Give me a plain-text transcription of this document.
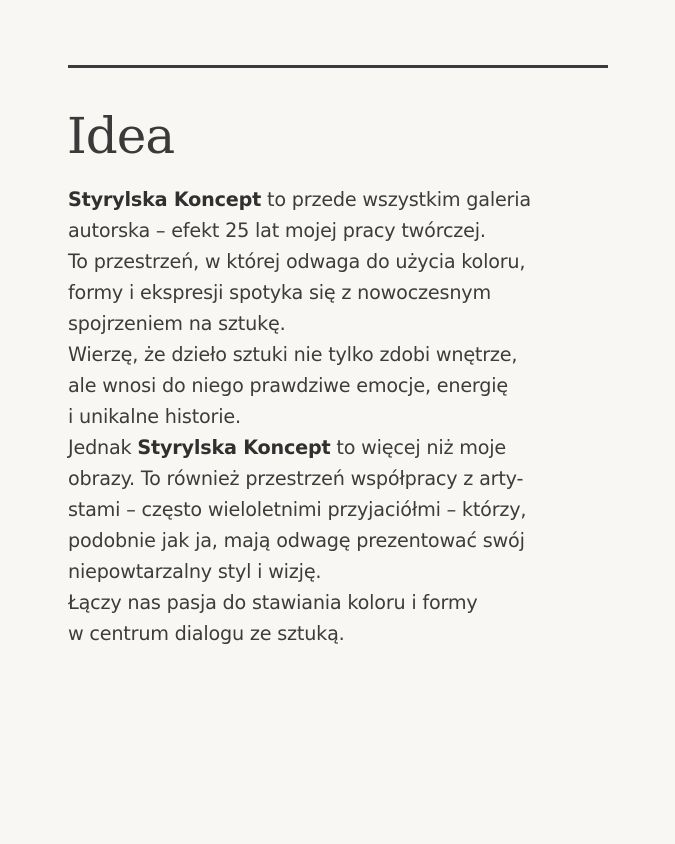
Idea
Styrylska Koncept to przede wszystkim galeria
autorska – efekt 25 lat mojej pracy twórczej.
To przestrzeń, w której odwaga do użycia koloru,
formy i ekspresji spotyka się z nowoczesnym
spojrzeniem na sztukę.
Wierzę, że dzieło sztuki nie tylko zdobi wnętrze,
ale wnosi do niego prawdziwe emocje, energię
i unikalne historie.
Jednak Styrylska Koncept to więcej niż moje
obrazy. To również przestrzeń współpracy z arty-
stami – często wieloletnimi przyjaciółmi – którzy,
podobnie jak ja, mają odwagę prezentować swój
niepowtarzalny styl i wizję.
Łączy nas pasja do stawiania koloru i formy
w centrum dialogu ze sztuką.
